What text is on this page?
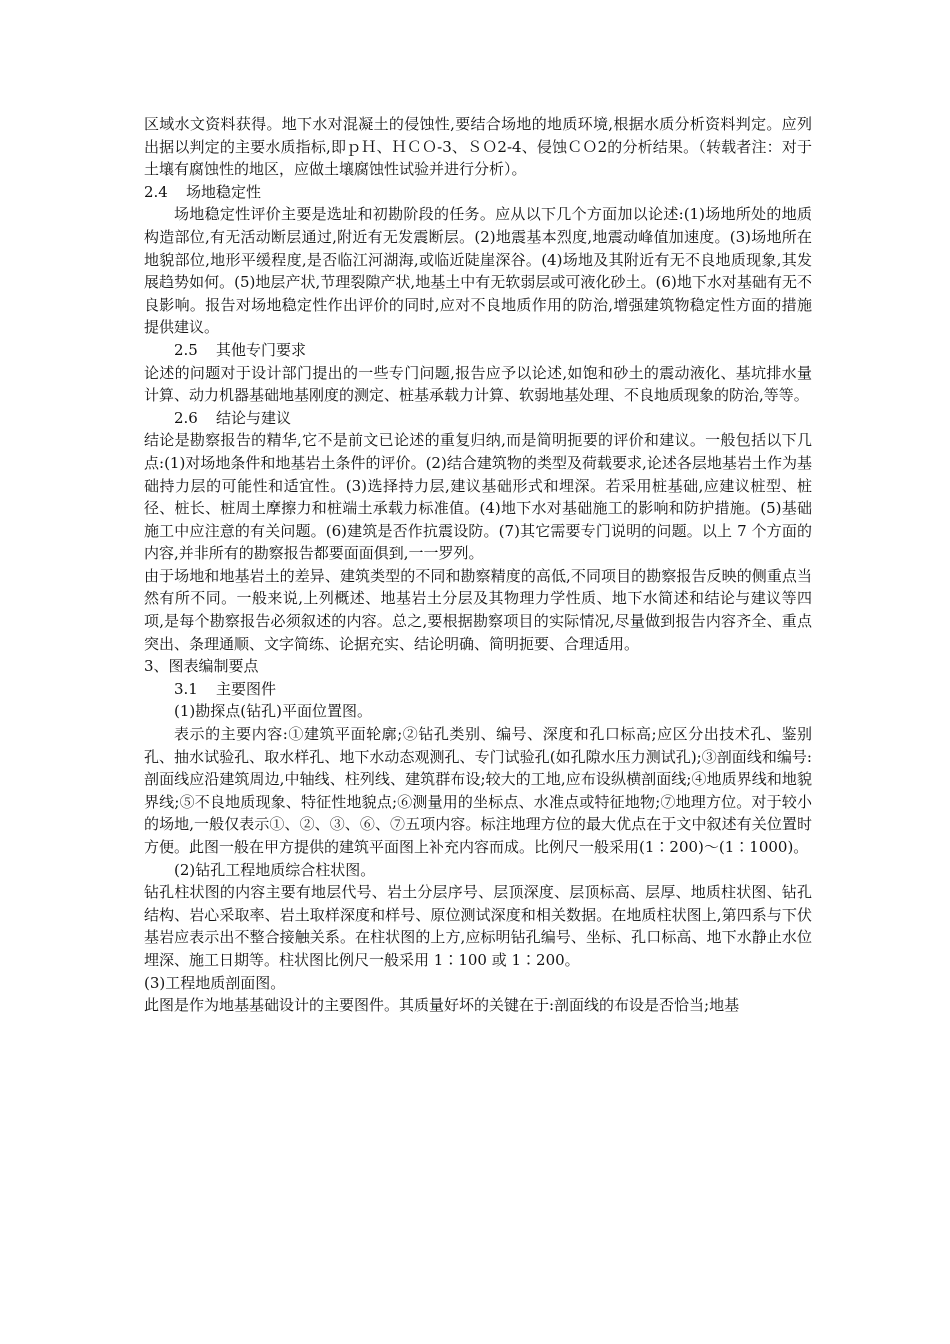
区域水文资料获得。地下水对混凝土的侵蚀性,要结合场地的地质环境,根据水质分析资料判定。应列出据以判定的主要水质指标,即ｐＨ、ＨＣＯ-3、ＳＯ2-4、侵蚀ＣＯ2的分析结果。（转载者注：对于土壤有腐蚀性的地区，应做土壤腐蚀性试验并进行分析）。

2.4 场地稳定性

场地稳定性评价主要是选址和初勘阶段的任务。应从以下几个方面加以论述:(1)场地所处的地质构造部位,有无活动断层通过,附近有无发震断层。(2)地震基本烈度,地震动峰值加速度。(3)场地所在地貌部位,地形平缓程度,是否临江河湖海,或临近陡崖深谷。(4)场地及其附近有无不良地质现象,其发展趋势如何。(5)地层产状,节理裂隙产状,地基土中有无软弱层或可液化砂土。(6)地下水对基础有无不良影响。报告对场地稳定性作出评价的同时,应对不良地质作用的防治,增强建筑物稳定性方面的措施提供建议。

2.5 其他专门要求

论述的问题对于设计部门提出的一些专门问题,报告应予以论述,如饱和砂土的震动液化、基坑排水量计算、动力机器基础地基刚度的测定、桩基承载力计算、软弱地基处理、不良地质现象的防治,等等。

2.6 结论与建议

结论是勘察报告的精华,它不是前文已论述的重复归纳,而是简明扼要的评价和建议。一般包括以下几点:(1)对场地条件和地基岩土条件的评价。(2)结合建筑物的类型及荷载要求,论述各层地基岩土作为基础持力层的可能性和适宜性。(3)选择持力层,建议基础形式和埋深。若采用桩基础,应建议桩型、桩径、桩长、桩周土摩擦力和桩端土承载力标准值。(4)地下水对基础施工的影响和防护措施。(5)基础施工中应注意的有关问题。(6)建筑是否作抗震设防。(7)其它需要专门说明的问题。以上 7 个方面的内容,并非所有的勘察报告都要面面俱到,一一罗列。

由于场地和地基岩土的差异、建筑类型的不同和勘察精度的高低,不同项目的勘察报告反映的侧重点当然有所不同。一般来说,上列概述、地基岩土分层及其物理力学性质、地下水简述和结论与建议等四项,是每个勘察报告必须叙述的内容。总之,要根据勘察项目的实际情况,尽量做到报告内容齐全、重点突出、条理通顺、文字简练、论据充实、结论明确、简明扼要、合理适用。

3、图表编制要点

3.1 主要图件

(1)勘探点(钻孔)平面位置图。

表示的主要内容:①建筑平面轮廓;②钻孔类别、编号、深度和孔口标高;应区分出技术孔、鉴别孔、抽水试验孔、取水样孔、地下水动态观测孔、专门试验孔(如孔隙水压力测试孔);③剖面线和编号:剖面线应沿建筑周边,中轴线、柱列线、建筑群布设;较大的工地,应布设纵横剖面线;④地质界线和地貌界线;⑤不良地质现象、特征性地貌点;⑥测量用的坐标点、水准点或特征地物;⑦地理方位。对于较小的场地,一般仅表示①、②、③、⑥、⑦五项内容。标注地理方位的最大优点在于文中叙述有关位置时方便。此图一般在甲方提供的建筑平面图上补充内容而成。比例尺一般采用(1∶200)～(1∶1000)。

(2)钻孔工程地质综合柱状图。

钻孔柱状图的内容主要有地层代号、岩土分层序号、层顶深度、层顶标高、层厚、地质柱状图、钻孔结构、岩心采取率、岩土取样深度和样号、原位测试深度和相关数据。在地质柱状图上,第四系与下伏基岩应表示出不整合接触关系。在柱状图的上方,应标明钻孔编号、坐标、孔口标高、地下水静止水位埋深、施工日期等。柱状图比例尺一般采用 1∶100 或 1∶200。

(3)工程地质剖面图。

此图是作为地基基础设计的主要图件。其质量好坏的关键在于:剖面线的布设是否恰当;地基
